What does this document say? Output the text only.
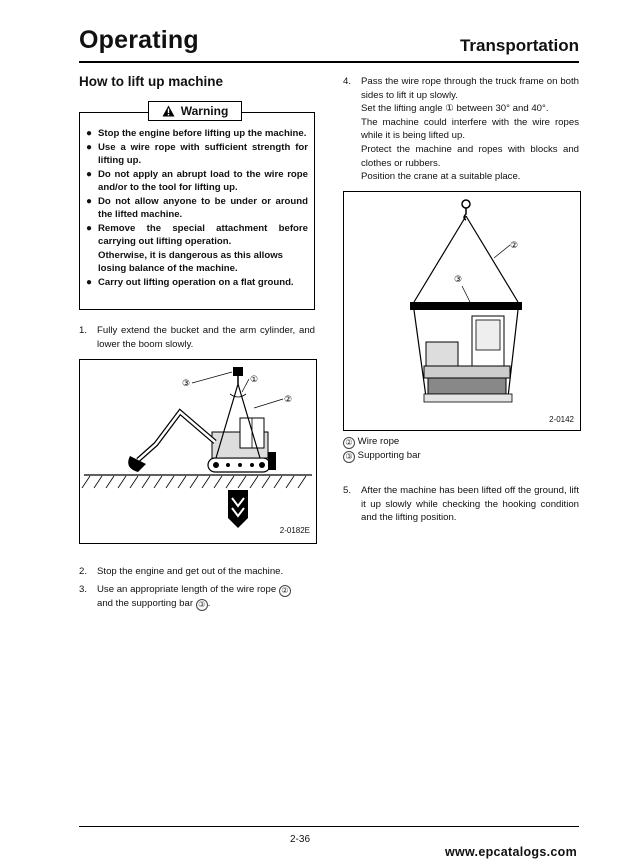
Operating	Transportation
How to lift up machine
Warning
● Stop the engine before lifting up the machine.
● Use a wire rope with sufficient strength for lifting up.
● Do not apply an abrupt load to the wire rope and/or to the tool for lifting up.
● Do not allow anyone to be under or around the lifted machine.
● Remove the special attachment before carrying out lifting operation.
Otherwise, it is dangerous as this allows losing balance of the machine.
● Carry out lifting operation on a flat ground.
1. Fully extend the bucket and the arm cylinder, and lower the boom slowly.
③	①
②
2-0182E
2. Stop the engine and get out of the machine.
3. Use an appropriate length of the wire rope ②
and the supporting bar ③ .
4. Pass the wire rope through the truck frame on both sides to lift it up slowly.
Set the lifting angle ① between 30° and 40°.
The machine could interfere with the wire ropes while it is being lifted up.
Protect the machine and ropes with blocks and clothes or rubbers.
Position the crane at a suitable place.
②
③
2-0142
② Wire rope
③ Supporting bar
5. After the machine has been lifted off the ground, lift it up slowly while checking the hooking condition and the lifting position.
2-36
www.epcatalogs.com
